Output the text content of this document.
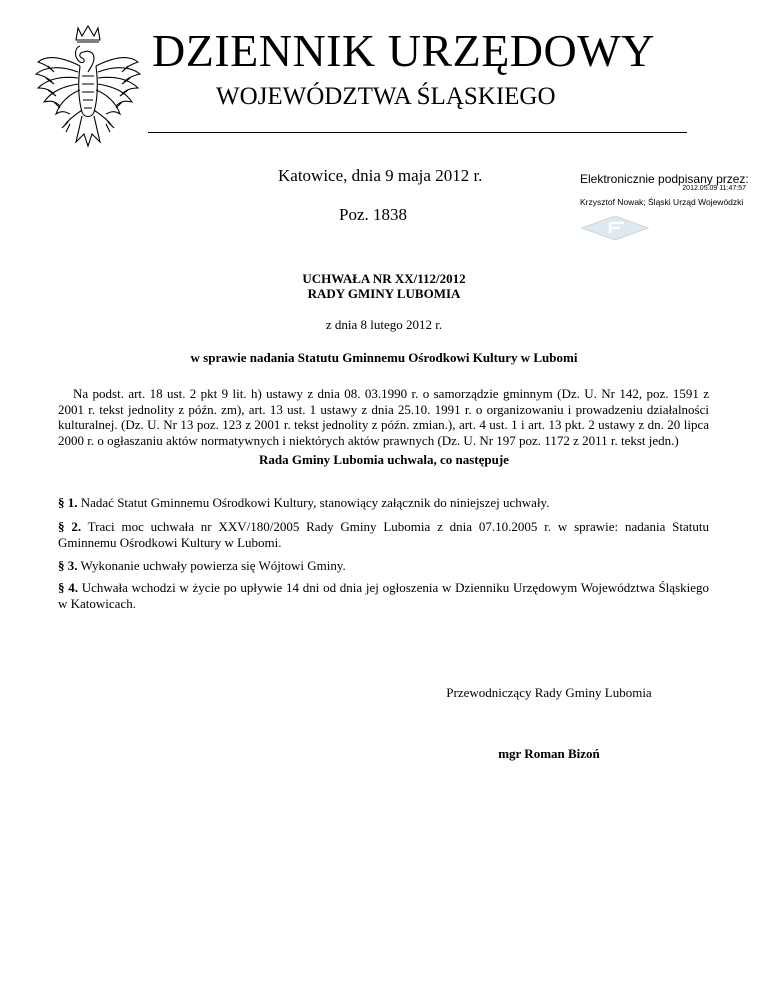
DZIENNIK URZĘDOWY
WOJEWÓDZTWA ŚLĄSKIEGO
Katowice, dnia 9 maja 2012 r.
Poz. 1838
Elektronicznie podpisany przez:
2012.05.09 11:47:57
Krzysztof Nowak; Śląski Urząd Wojewódzki
UCHWAŁA NR XX/112/2012
RADY GMINY LUBOMIA
z dnia 8 lutego 2012 r.
w sprawie nadania Statutu Gminnemu Ośrodkowi Kultury w Lubomi
Na podst. art. 18 ust. 2 pkt 9 lit. h) ustawy z dnia 08. 03.1990 r. o samorządzie gminnym (Dz. U. Nr 142, poz. 1591 z 2001 r. tekst jednolity z późn. zm), art. 13 ust. 1 ustawy z dnia 25.10. 1991 r. o organizowaniu i prowadzeniu działalności kulturalnej. (Dz. U. Nr 13 poz. 123 z 2001 r. tekst jednolity z późn. zmian.), art. 4 ust. 1 i art. 13 pkt. 2 ustawy z dn. 20 lipca 2000 r. o ogłaszaniu aktów normatywnych i niektórych aktów prawnych (Dz. U. Nr 197 poz. 1172 z 2011 r. tekst jedn.)
Rada Gminy Lubomia uchwala, co następuje
§ 1. Nadać Statut Gminnemu Ośrodkowi Kultury, stanowiący załącznik do niniejszej uchwały.
§ 2. Traci moc uchwała nr XXV/180/2005 Rady Gminy Lubomia z dnia 07.10.2005 r. w sprawie: nadania Statutu Gminnemu Ośrodkowi Kultury w Lubomi.
§ 3. Wykonanie uchwały powierza się Wójtowi Gminy.
§ 4. Uchwała wchodzi w życie po upływie 14 dni od dnia jej ogłoszenia w Dzienniku Urzędowym Województwa Śląskiego w Katowicach.
Przewodniczący Rady Gminy Lubomia
mgr Roman Bizoń
